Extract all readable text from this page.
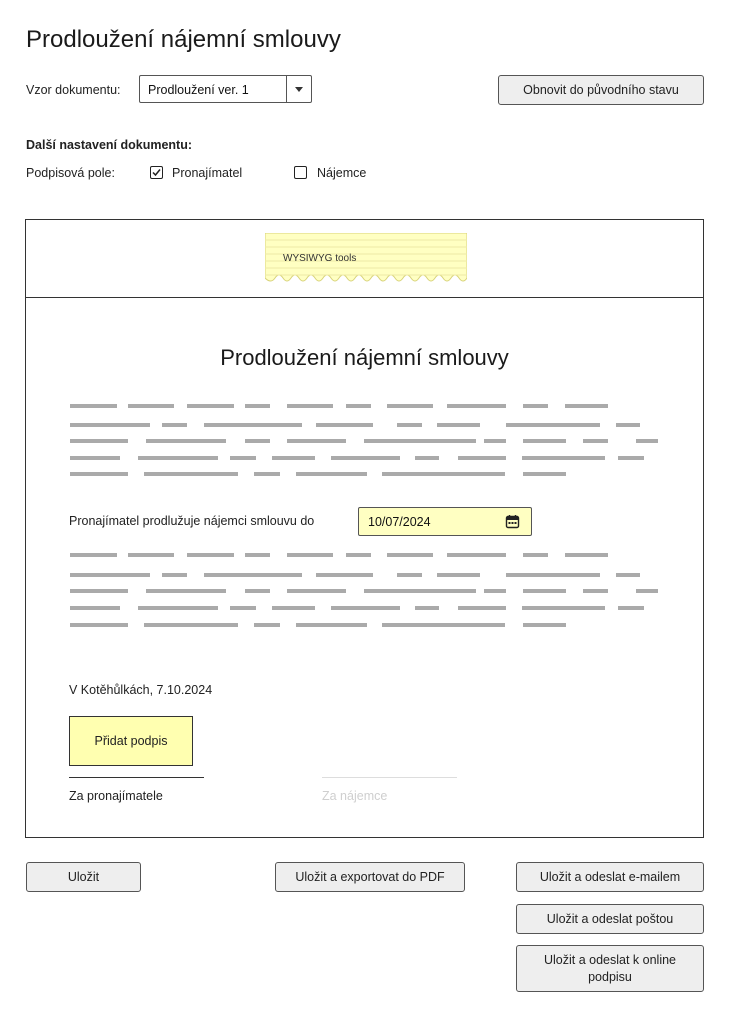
Prodloužení nájemní smlouvy
Vzor dokumentu: Prodloužení ver. 1	Obnovit do původního stavu
Další nastavení dokumentu:
Podpisová pole:	Pronajímatel	Nájemce
WYSIWYG tools
Prodloužení nájemní smlouvy
Pronajímatel prodlužuje nájemci smlouvu do	10/07/2024
V Kotěhůlkách, 7.10.2024
Přidat podpis
Za pronajímatele	Za nájemce
Uložit	Uložit a exportovat do PDF	Uložit a odeslat e-mailem
Uložit a odeslat poštou
Uložit a odeslat k online podpisu
